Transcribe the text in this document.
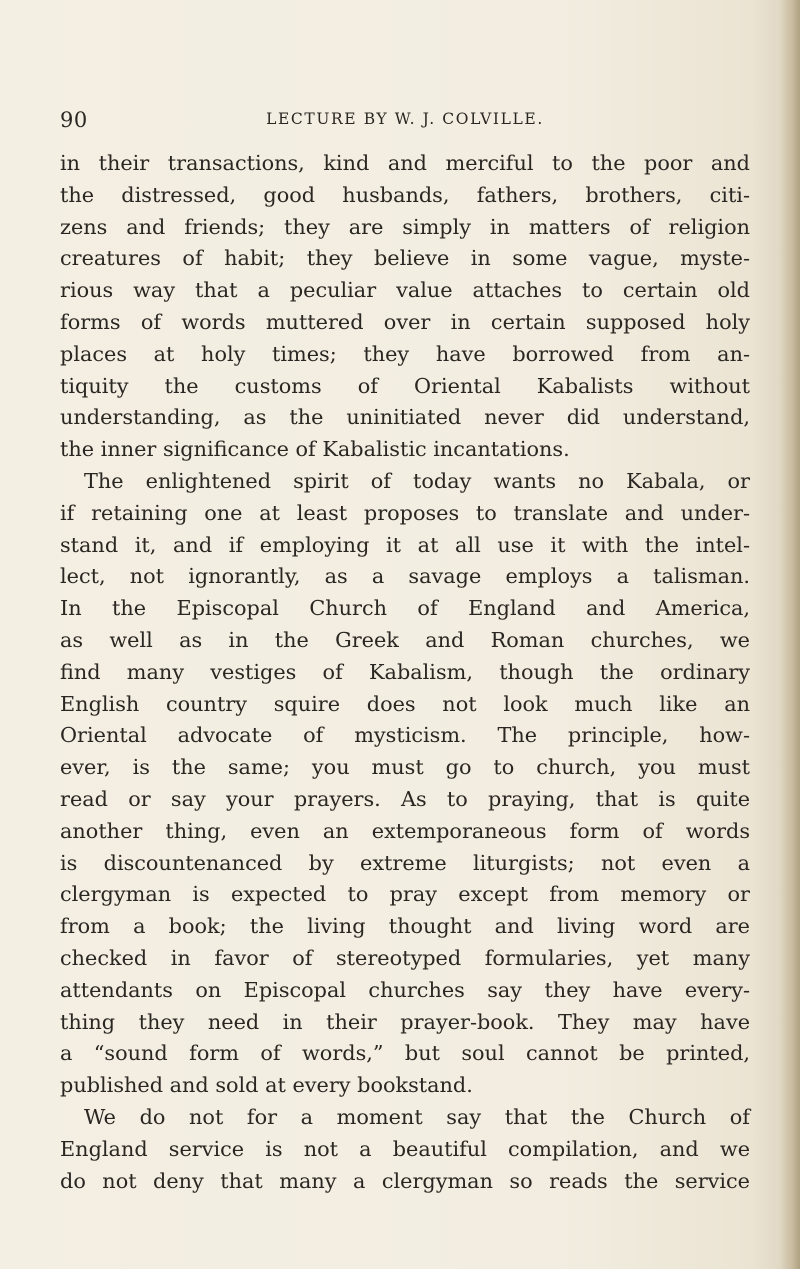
90	LECTURE BY W. J. COLVILLE.
in their transactions, kind and merciful to the poor and
the distressed, good husbands, fathers, brothers, citi-
zens and friends; they are simply in matters of religion
creatures of habit; they believe in some vague, myste-
rious way that a peculiar value attaches to certain old
forms of words muttered over in certain supposed holy
places at holy times; they have borrowed from an-
tiquity the customs of Oriental Kabalists without
understanding, as the uninitiated never did understand,
the inner significance of Kabalistic incantations.
The enlightened spirit of today wants no Kabala, or
if retaining one at least proposes to translate and under-
stand it, and if employing it at all use it with the intel-
lect, not ignorantly, as a savage employs a talisman.
In the Episcopal Church of England and America,
as well as in the Greek and Roman churches, we
find many vestiges of Kabalism, though the ordinary
English country squire does not look much like an
Oriental advocate of mysticism. The principle, how-
ever, is the same; you must go to church, you must
read or say your prayers. As to praying, that is quite
another thing, even an extemporaneous form of words
is discountenanced by extreme liturgists; not even a
clergyman is expected to pray except from memory or
from a book; the living thought and living word are
checked in favor of stereotyped formularies, yet many
attendants on Episcopal churches say they have every-
thing they need in their prayer-book. They may have
a “sound form of words,” but soul cannot be printed,
published and sold at every bookstand.
We do not for a moment say that the Church of
England service is not a beautiful compilation, and we
do not deny that many a clergyman so reads the service
